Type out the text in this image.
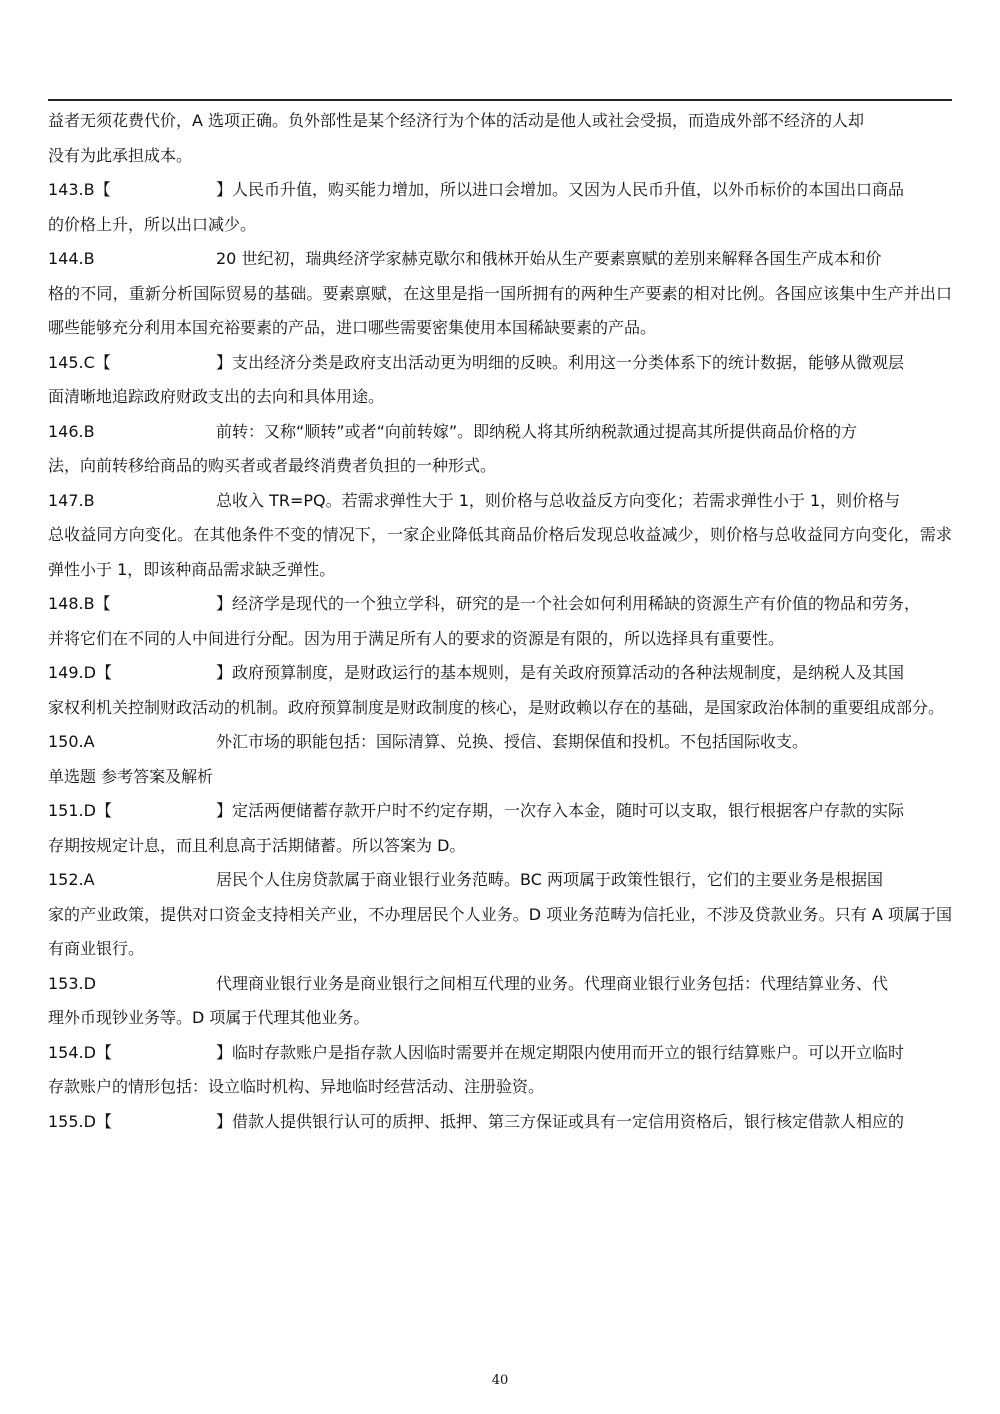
益者无须花费代价，A 选项正确。负外部性是某个经济行为个体的活动是他人或社会受损，而造成外部不经济的人却
没有为此承担成本。

143.B【	】人民币升值，购买能力增加，所以进口会增加。又因为人民币升值，以外币标价的本国出口商品
的价格上升，所以出口减少。

144.B	20 世纪初，瑞典经济学家赫克歇尔和俄林开始从生产要素禀赋的差别来解释各国生产成本和价
格的不同，重新分析国际贸易的基础。要素禀赋，在这里是指一国所拥有的两种生产要素的相对比例。各国应该集中生产并出口哪些能够充分利用本国充裕要素的产品，进口哪些需要密集使用本国稀缺要素的产品。

145.C【	】支出经济分类是政府支出活动更为明细的反映。利用这一分类体系下的统计数据，能够从微观层
面清晰地追踪政府财政支出的去向和具体用途。

146.B	前转：又称“顺转”或者“向前转嫁”。即纳税人将其所纳税款通过提高其所提供商品价格的方
法，向前转移给商品的购买者或者最终消费者负担的一种形式。

147.B	总收入 TR=PQ。若需求弹性大于 1，则价格与总收益反方向变化；若需求弹性小于 1，则价格与
总收益同方向变化。在其他条件不变的情况下，一家企业降低其商品价格后发现总收益减少，则价格与总收益同方向变化，需求弹性小于 1，即该种商品需求缺乏弹性。

148.B【	】经济学是现代的一个独立学科，研究的是一个社会如何利用稀缺的资源生产有价值的物品和劳务，
并将它们在不同的人中间进行分配。因为用于满足所有人的要求的资源是有限的，所以选择具有重要性。

149.D【	】政府预算制度，是财政运行的基本规则，是有关政府预算活动的各种法规制度，是纳税人及其国
家权利机关控制财政活动的机制。政府预算制度是财政制度的核心，是财政赖以存在的基础，是国家政治体制的重要组成部分。

150.A	外汇市场的职能包括：国际清算、兑换、授信、套期保值和投机。不包括国际收支。

单选题 参考答案及解析

151.D【	】定活两便储蓄存款开户时不约定存期，一次存入本金，随时可以支取，银行根据客户存款的实际
存期按规定计息，而且利息高于活期储蓄。所以答案为 D。

152.A	居民个人住房贷款属于商业银行业务范畴。BC 两项属于政策性银行，它们的主要业务是根据国
家的产业政策，提供对口资金支持相关产业，不办理居民个人业务。D 项业务范畴为信托业，不涉及贷款业务。只有 A 项属于国有商业银行。

153.D	代理商业银行业务是商业银行之间相互代理的业务。代理商业银行业务包括：代理结算业务、代
理外币现钞业务等。D 项属于代理其他业务。

154.D【	】临时存款账户是指存款人因临时需要并在规定期限内使用而开立的银行结算账户。可以开立临时
存款账户的情形包括：设立临时机构、异地临时经营活动、注册验资。

155.D【	】借款人提供银行认可的质押、抵押、第三方保证或具有一定信用资格后，银行核定借款人相应的

40
